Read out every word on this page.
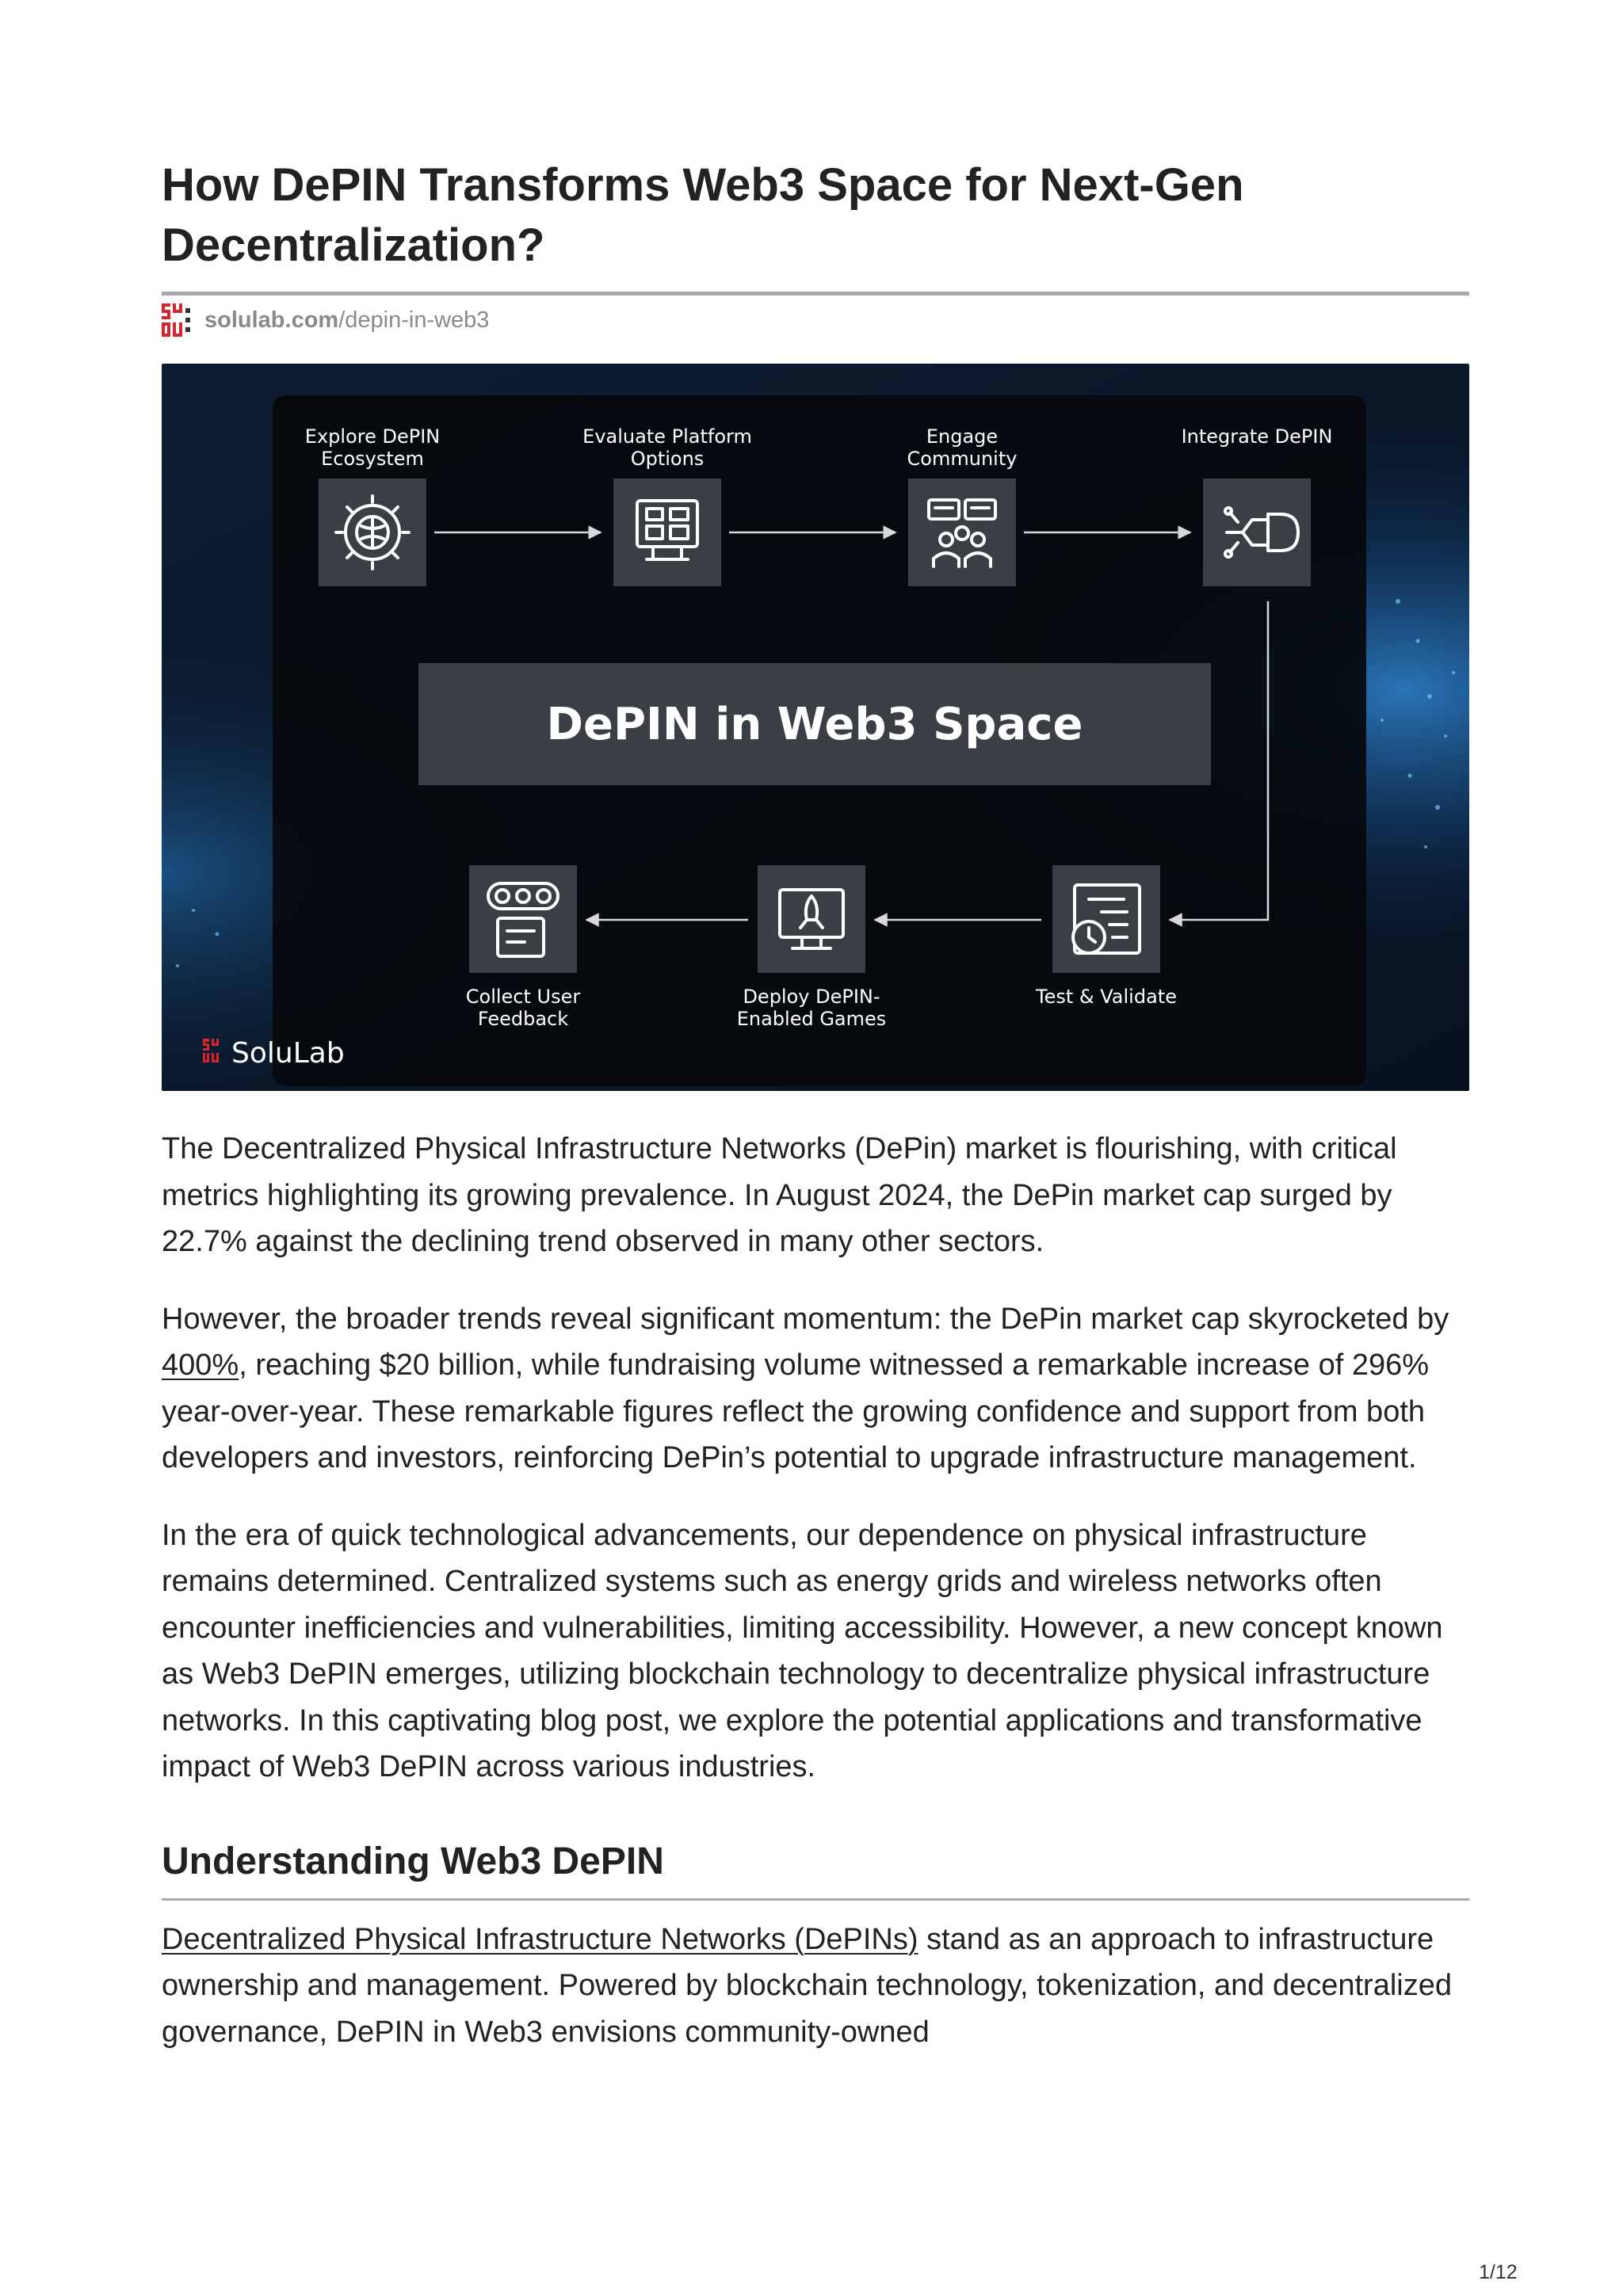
How DePIN Transforms Web3 Space for Next-Gen Decentralization?
solulab.com/depin-in-web3
DePIN in Web3 Space
Explore DePIN
Ecosystem
Evaluate Platform
Options
Engage
Community
Integrate DePIN
Test & Validate
Deploy DePIN-
Enabled Games
Collect User
Feedback
SoluLab

The Decentralized Physical Infrastructure Networks (DePin) market is flourishing, with critical metrics highlighting its growing prevalence. In August 2024, the DePin market cap surged by 22.7% against the declining trend observed in many other sectors.

However, the broader trends reveal significant momentum: the DePin market cap skyrocketed by 400%, reaching $20 billion, while fundraising volume witnessed a remarkable increase of 296% year-over-year. These remarkable figures reflect the growing confidence and support from both developers and investors, reinforcing DePin’s potential to upgrade infrastructure management.

In the era of quick technological advancements, our dependence on physical infrastructure remains determined. Centralized systems such as energy grids and wireless networks often encounter inefficiencies and vulnerabilities, limiting accessibility. However, a new concept known as Web3 DePIN emerges, utilizing blockchain technology to decentralize physical infrastructure networks. In this captivating blog post, we explore the potential applications and transformative impact of Web3 DePIN across various industries.

Understanding Web3 DePIN

Decentralized Physical Infrastructure Networks (DePINs) stand as an approach to infrastructure ownership and management. Powered by blockchain technology, tokenization, and decentralized governance, DePIN in Web3 envisions community-owned

1/12
